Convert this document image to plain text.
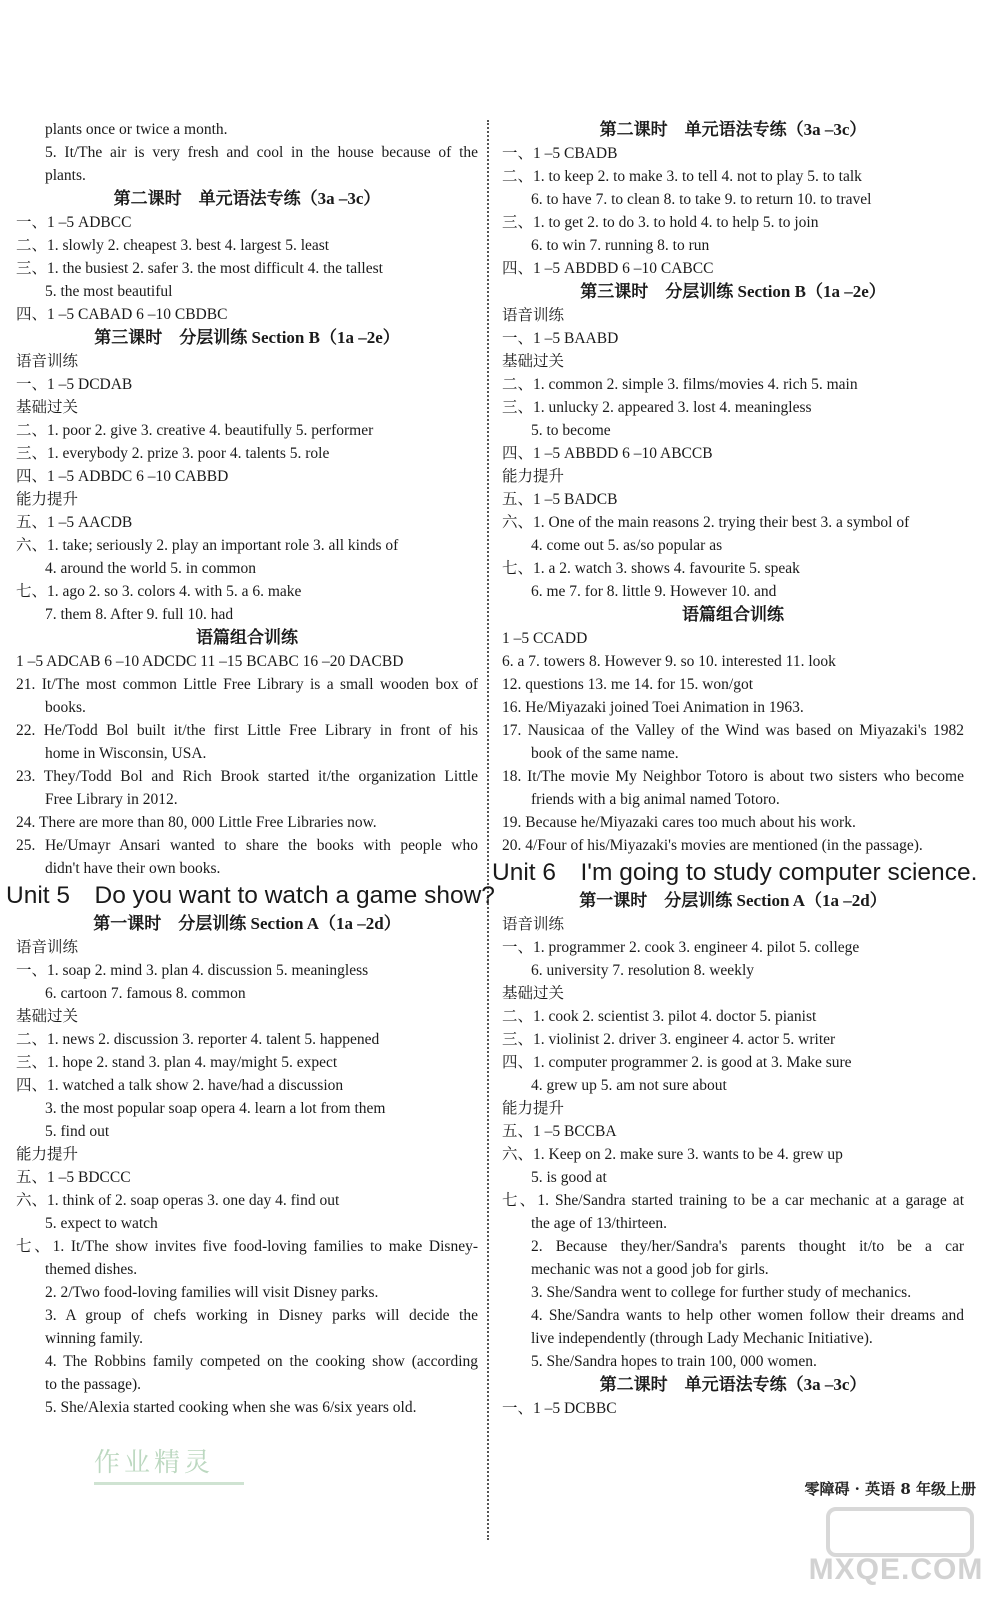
plants once or twice a month.
5. It/The air is very fresh and cool in the house because of the
plants.
第二课时　单元语法专练（3a –3c）
一、1 –5 ADBCC
二、1. slowly 2. cheapest 3. best 4. largest 5. least
三、1. the busiest 2. safer 3. the most difficult 4. the tallest
5. the most beautiful
四、1 –5 CABAD 6 –10 CBDBC
第三课时　分层训练 Section B（1a –2e）
语音训练
一、1 –5 DCDAB
基础过关
二、1. poor 2. give 3. creative 4. beautifully 5. performer
三、1. everybody 2. prize 3. poor 4. talents 5. role
四、1 –5 ADBDC 6 –10 CABBD
能力提升
五、1 –5 AACDB
六、1. take; seriously 2. play an important role 3. all kinds of
4. around the world 5. in common
七、1. ago 2. so 3. colors 4. with 5. a 6. make
7. them 8. After 9. full 10. had
语篇组合训练
1 –5 ADCAB 6 –10 ADCDC 11 –15 BCABC 16 –20 DACBD
21. It/The most common Little Free Library is a small wooden box of
books.
22. He/Todd Bol built it/the first Little Free Library in front of his
home in Wisconsin, USA.
23. They/Todd Bol and Rich Brook started it/the organization Little
Free Library in 2012.
24. There are more than 80, 000 Little Free Libraries now.
25. He/Umayr Ansari wanted to share the books with people who
didn't have their own books.
Unit 5　Do you want to watch a game show?
第一课时　分层训练 Section A（1a –2d）
语音训练
一、1. soap 2. mind 3. plan 4. discussion 5. meaningless
6. cartoon 7. famous 8. common
基础过关
二、1. news 2. discussion 3. reporter 4. talent 5. happened
三、1. hope 2. stand 3. plan 4. may/might 5. expect
四、1. watched a talk show 2. have/had a discussion
3. the most popular soap opera 4. learn a lot from them
5. find out
能力提升
五、1 –5 BDCCC
六、1. think of 2. soap operas 3. one day 4. find out
5. expect to watch
七、1. It/The show invites five food-loving families to make Disney-
themed dishes.
2. 2/Two food-loving families will visit Disney parks.
3. A group of chefs working in Disney parks will decide the
winning family.
4. The Robbins family competed on the cooking show (according
to the passage).
5. She/Alexia started cooking when she was 6/six years old.
第二课时　单元语法专练（3a –3c）
一、1 –5 CBADB
二、1. to keep 2. to make 3. to tell 4. not to play 5. to talk
6. to have 7. to clean 8. to take 9. to return 10. to travel
三、1. to get 2. to do 3. to hold 4. to help 5. to join
6. to win 7. running 8. to run
四、1 –5 ABDBD 6 –10 CABCC
第三课时　分层训练 Section B（1a –2e）
语音训练
一、1 –5 BAABD
基础过关
二、1. common 2. simple 3. films/movies 4. rich 5. main
三、1. unlucky 2. appeared 3. lost 4. meaningless
5. to become
四、1 –5 ABBDD 6 –10 ABCCB
能力提升
五、1 –5 BADCB
六、1. One of the main reasons 2. trying their best 3. a symbol of
4. come out 5. as/so popular as
七、1. a 2. watch 3. shows 4. favourite 5. speak
6. me 7. for 8. little 9. However 10. and
语篇组合训练
1 –5 CCADD
6. a 7. towers 8. However 9. so 10. interested 11. look
12. questions 13. me 14. for 15. won/got
16. He/Miyazaki joined Toei Animation in 1963.
17. Nausicaa of the Valley of the Wind was based on Miyazaki's 1982
book of the same name.
18. It/The movie My Neighbor Totoro is about two sisters who become
friends with a big animal named Totoro.
19. Because he/Miyazaki cares too much about his work.
20. 4/Four of his/Miyazaki's movies are mentioned (in the passage).
Unit 6　I'm going to study computer science.
第一课时　分层训练 Section A（1a –2d）
语音训练
一、1. programmer 2. cook 3. engineer 4. pilot 5. college
6. university 7. resolution 8. weekly
基础过关
二、1. cook 2. scientist 3. pilot 4. doctor 5. pianist
三、1. violinist 2. driver 3. engineer 4. actor 5. writer
四、1. computer programmer 2. is good at 3. Make sure
4. grew up 5. am not sure about
能力提升
五、1 –5 BCCBA
六、1. Keep on 2. make sure 3. wants to be 4. grew up
5. is good at
七、1. She/Sandra started training to be a car mechanic at a garage at
the age of 13/thirteen.
2. Because they/her/Sandra's parents thought it/to be a car
mechanic was not a good job for girls.
3. She/Sandra went to college for further study of mechanics.
4. She/Sandra wants to help other women follow their dreams and
live independently (through Lady Mechanic Initiative).
5. She/Sandra hopes to train 100, 000 women.
第二课时　单元语法专练（3a –3c）
一、1 –5 DCBBC
零障碍 · 英语 8 年级上册
作业精灵
MXQE.COM
